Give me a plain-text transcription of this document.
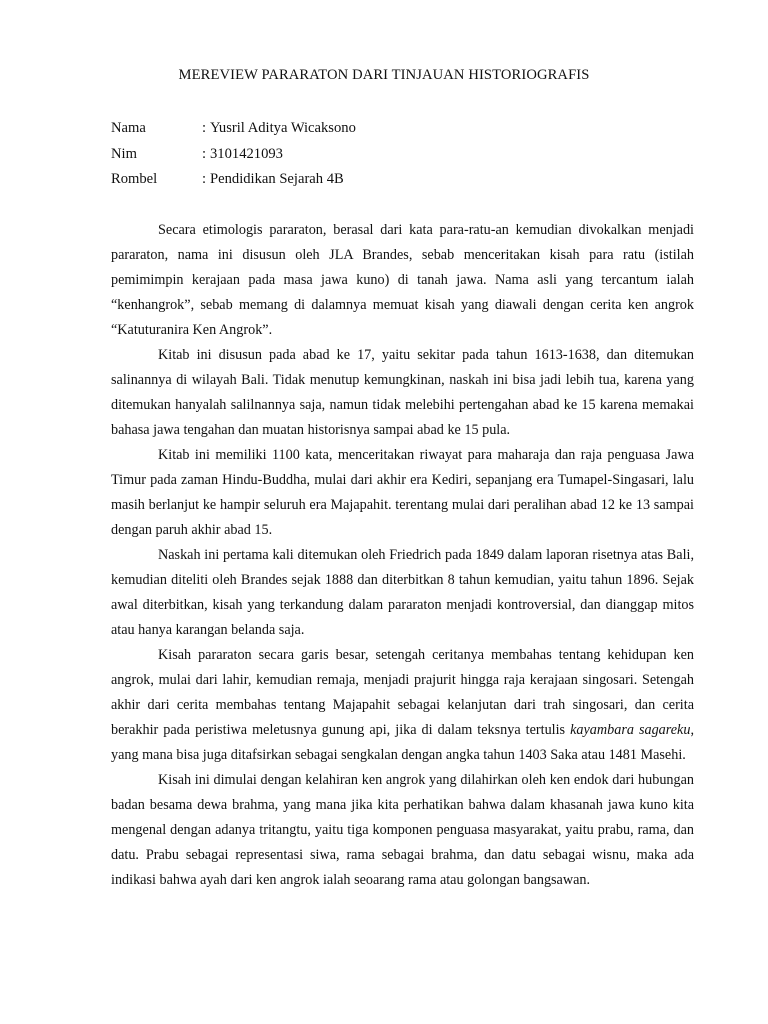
MEREVIEW PARARATON DARI TINJAUAN HISTORIOGRAFIS
Nama	: Yusril Aditya Wicaksono
Nim	: 3101421093
Rombel	: Pendidikan Sejarah 4B

Secara etimologis pararaton, berasal dari kata para-ratu-an kemudian divokalkan menjadi pararaton, nama ini disusun oleh JLA Brandes, sebab menceritakan kisah para ratu (istilah pemimimpin kerajaan pada masa jawa kuno) di tanah jawa. Nama asli yang tercantum ialah “kenhangrok”, sebab memang di dalamnya memuat kisah yang diawali dengan cerita ken angrok “Katuturanira Ken Angrok”.

Kitab ini disusun pada abad ke 17, yaitu sekitar pada tahun 1613-1638, dan ditemukan salinannya di wilayah Bali. Tidak menutup kemungkinan, naskah ini bisa jadi lebih tua, karena yang ditemukan hanyalah salilnannya saja, namun tidak melebihi pertengahan abad ke 15 karena memakai bahasa jawa tengahan dan muatan historisnya sampai abad ke 15 pula.

Kitab ini memiliki 1100 kata, menceritakan riwayat para maharaja dan raja penguasa Jawa Timur pada zaman Hindu-Buddha, mulai dari akhir era Kediri, sepanjang era Tumapel-Singasari, lalu masih berlanjut ke hampir seluruh era Majapahit. terentang mulai dari peralihan abad 12 ke 13 sampai dengan paruh akhir abad 15.

Naskah ini pertama kali ditemukan oleh Friedrich pada 1849 dalam laporan risetnya atas Bali, kemudian diteliti oleh Brandes sejak 1888 dan diterbitkan 8 tahun kemudian, yaitu tahun 1896. Sejak awal diterbitkan, kisah yang terkandung dalam pararaton menjadi kontroversial, dan dianggap mitos atau hanya karangan belanda saja.

Kisah pararaton secara garis besar, setengah ceritanya membahas tentang kehidupan ken angrok, mulai dari lahir, kemudian remaja, menjadi prajurit hingga raja kerajaan singosari. Setengah akhir dari cerita membahas tentang Majapahit sebagai kelanjutan dari trah singosari, dan cerita berakhir pada peristiwa meletusnya gunung api, jika di dalam teksnya tertulis kayambara sagareku, yang mana bisa juga ditafsirkan sebagai sengkalan dengan angka tahun 1403 Saka atau 1481 Masehi.

Kisah ini dimulai dengan kelahiran ken angrok yang dilahirkan oleh ken endok dari hubungan badan besama dewa brahma, yang mana jika kita perhatikan bahwa dalam khasanah jawa kuno kita mengenal dengan adanya tritangtu, yaitu tiga komponen penguasa masyarakat, yaitu prabu, rama, dan datu. Prabu sebagai representasi siwa, rama sebagai brahma, dan datu sebagai wisnu, maka ada indikasi bahwa ayah dari ken angrok ialah seoarang rama atau golongan bangsawan.
